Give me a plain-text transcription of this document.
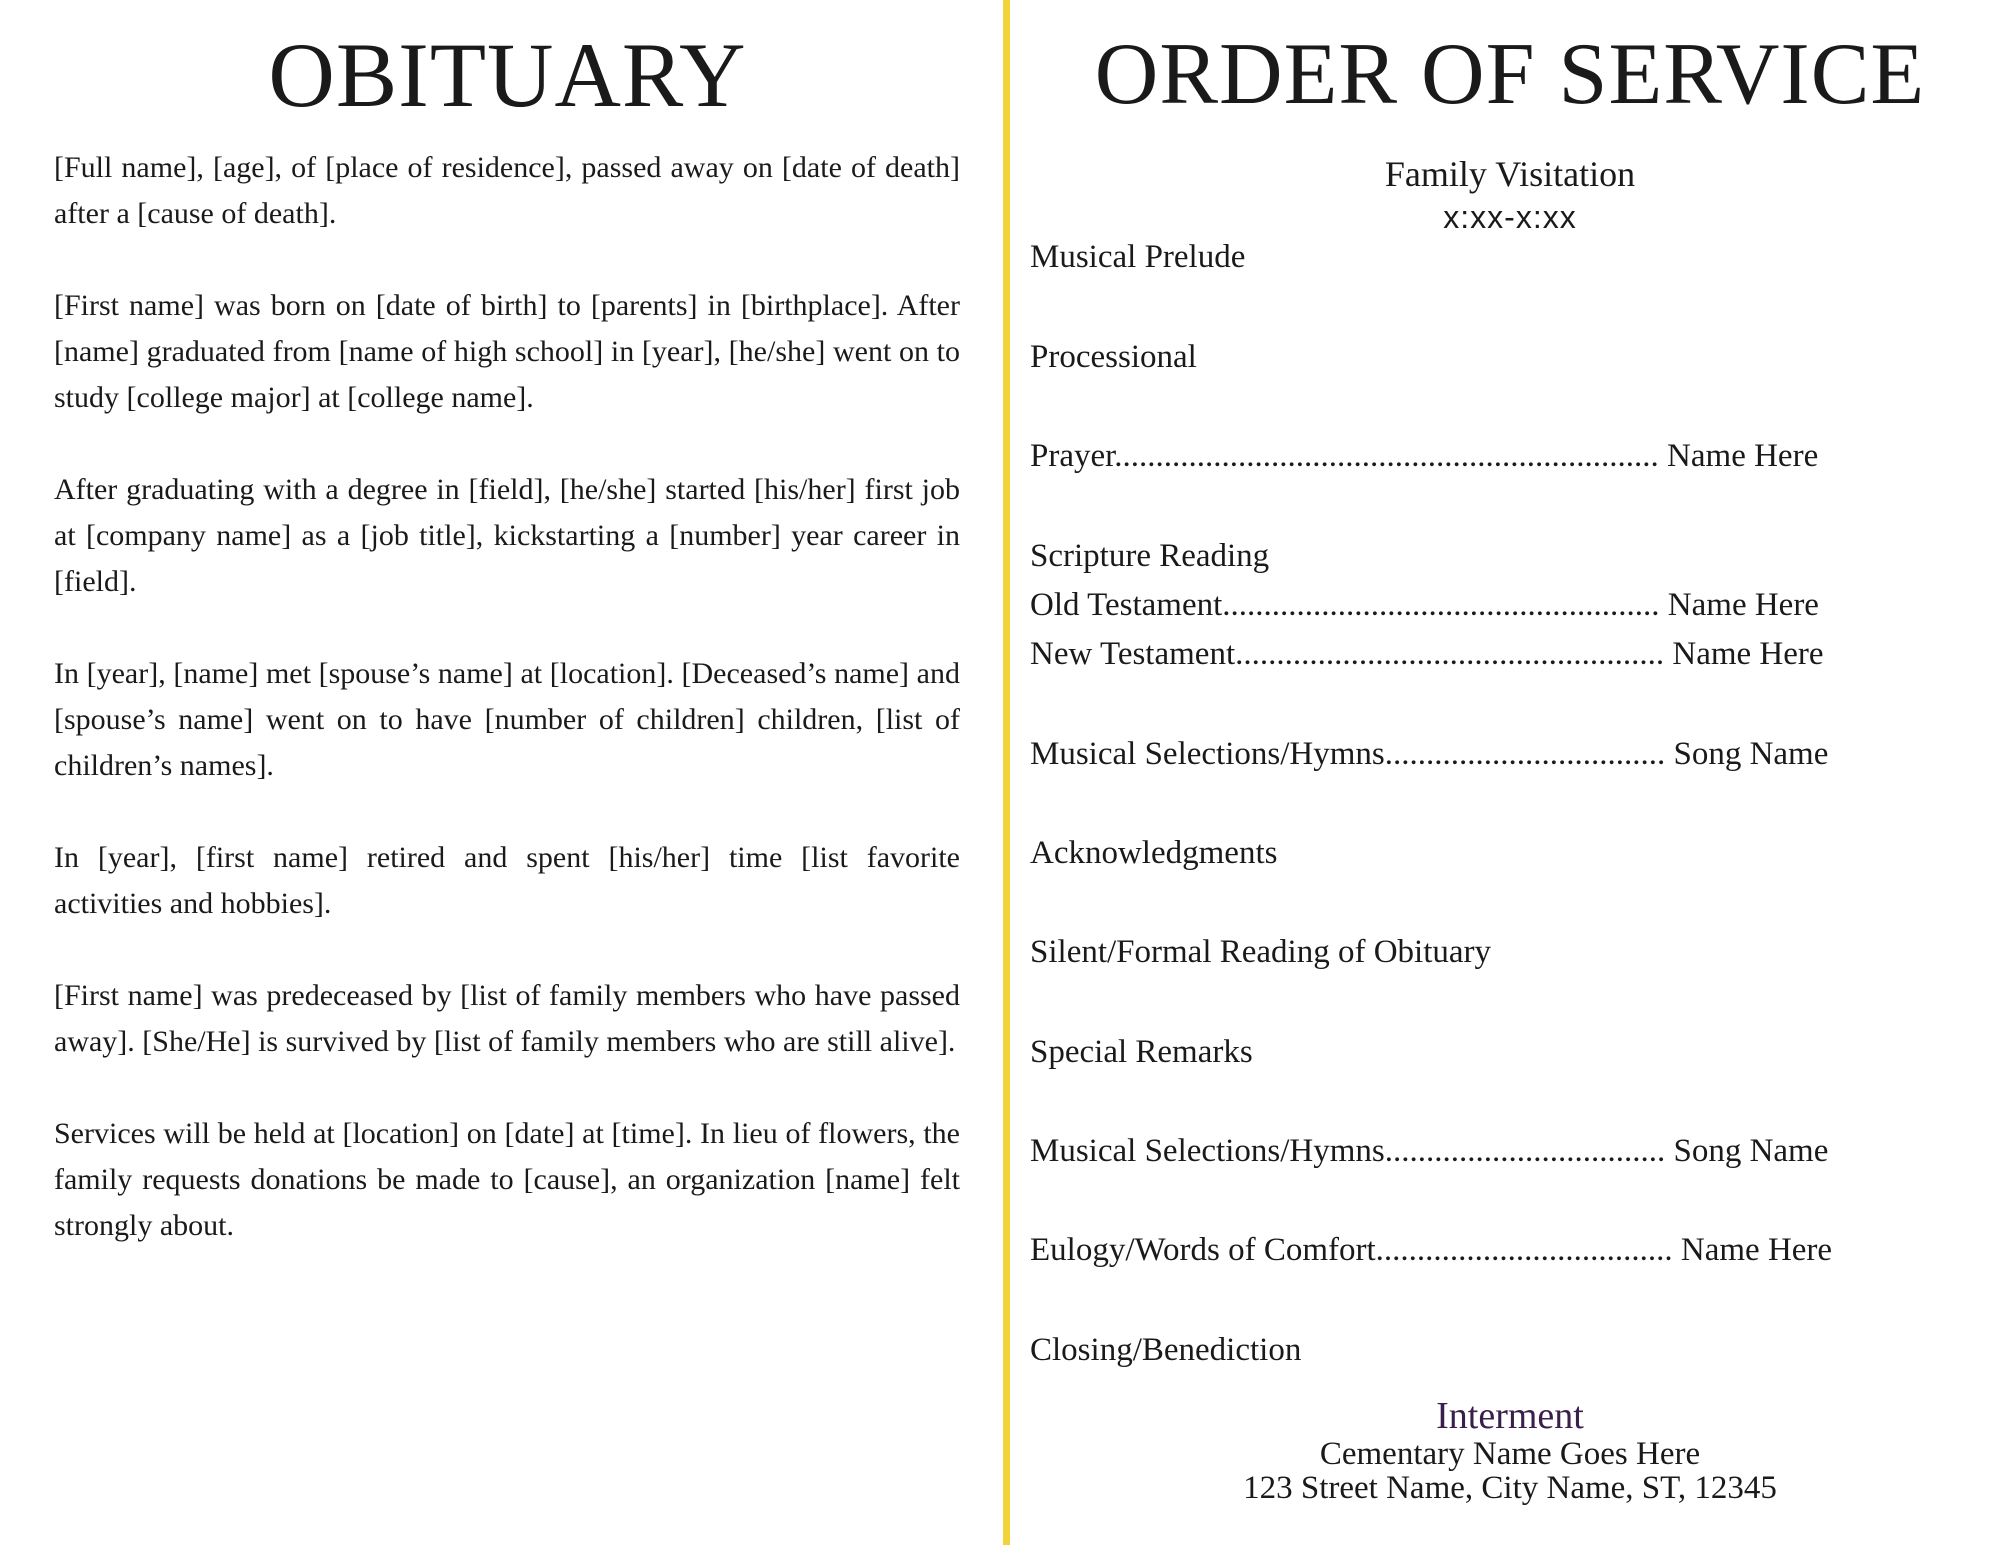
OBITUARY

[Full name], [age], of [place of residence], passed away on [date of death] after a [cause of death].

[First name] was born on [date of birth] to [parents] in [birthplace]. After [name] graduated from [name of high school] in [year], [he/she] went on to study [college major] at [college name].

After graduating with a degree in [field], [he/she] started [his/her] first job at [company name] as a [job title], kickstarting a [number] year career in [field].

In [year], [name] met [spouse’s name] at [location]. [Deceased’s name] and [spouse’s name] went on to have [number of children] children, [list of children’s names].

In [year], [first name] retired and spent [his/her] time [list favorite activities and hobbies].

[First name] was predeceased by [list of family members who have passed away]. [She/He] is survived by [list of family members who are still alive].

Services will be held at [location] on [date] at [time]. In lieu of flowers, the family requests donations be made to [cause], an organization [name] felt strongly about.

ORDER OF SERVICE
Family Visitation
x:xx-x:xx
Musical Prelude
Processional
Prayer.................................................................. Name Here
Scripture Reading
Old Testament..................................................... Name Here
New Testament.................................................... Name Here
Musical Selections/Hymns.................................. Song Name
Acknowledgments
Silent/Formal Reading of Obituary
Special Remarks
Musical Selections/Hymns.................................. Song Name
Eulogy/Words of Comfort.................................... Name Here
Closing/Benediction
Interment
Cementary Name Goes Here
123 Street Name, City Name, ST, 12345
